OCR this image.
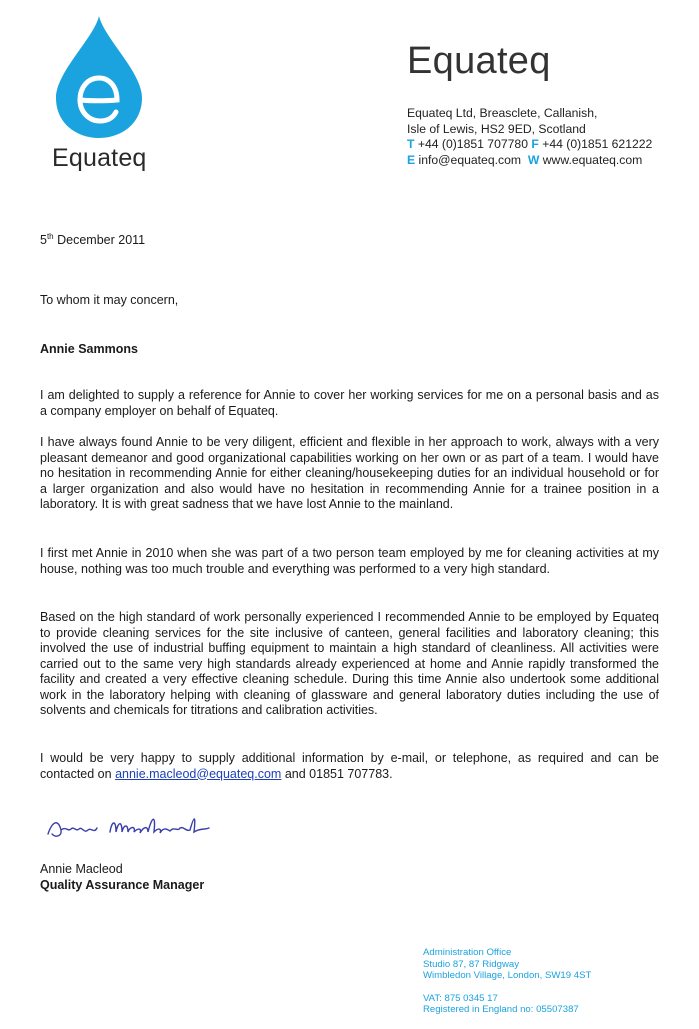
Equateq
Equateq
Equateq Ltd, Breasclete, Callanish,
Isle of Lewis, HS2 9ED, Scotland
T +44 (0)1851 707780 F +44 (0)1851 621222
E info@equateq.com W www.equateq.com
5th December 2011
To whom it may concern,
Annie Sammons
I am delighted to supply a reference for Annie to cover her working services for me on a personal basis and as a company employer on behalf of Equateq.
I have always found Annie to be very diligent, efficient and flexible in her approach to work, always with a very pleasant demeanor and good organizational capabilities working on her own or as part of a team. I would have no hesitation in recommending Annie for either cleaning/housekeeping duties for an individual household or for a larger organization and also would have no hesitation in recommending Annie for a trainee position in a laboratory. It is with great sadness that we have lost Annie to the mainland.
I first met Annie in 2010 when she was part of a two person team employed by me for cleaning activities at my house, nothing was too much trouble and everything was performed to a very high standard.
Based on the high standard of work personally experienced I recommended Annie to be employed by Equateq to provide cleaning services for the site inclusive of canteen, general facilities and laboratory cleaning; this involved the use of industrial buffing equipment to maintain a high standard of cleanliness. All activities were carried out to the same very high standards already experienced at home and Annie rapidly transformed the facility and created a very effective cleaning schedule. During this time Annie also undertook some additional work in the laboratory helping with cleaning of glassware and general laboratory duties including the use of solvents and chemicals for titrations and calibration activities.
I would be very happy to supply additional information by e-mail, or telephone, as required and can be contacted on annie.macleod@equateq.com and 01851 707783.
Annie Macleod
Quality Assurance Manager
Administration Office
Studio 87, 87 Ridgway
Wimbledon Village, London, SW19 4ST
VAT: 875 0345 17
Registered in England no: 05507387
